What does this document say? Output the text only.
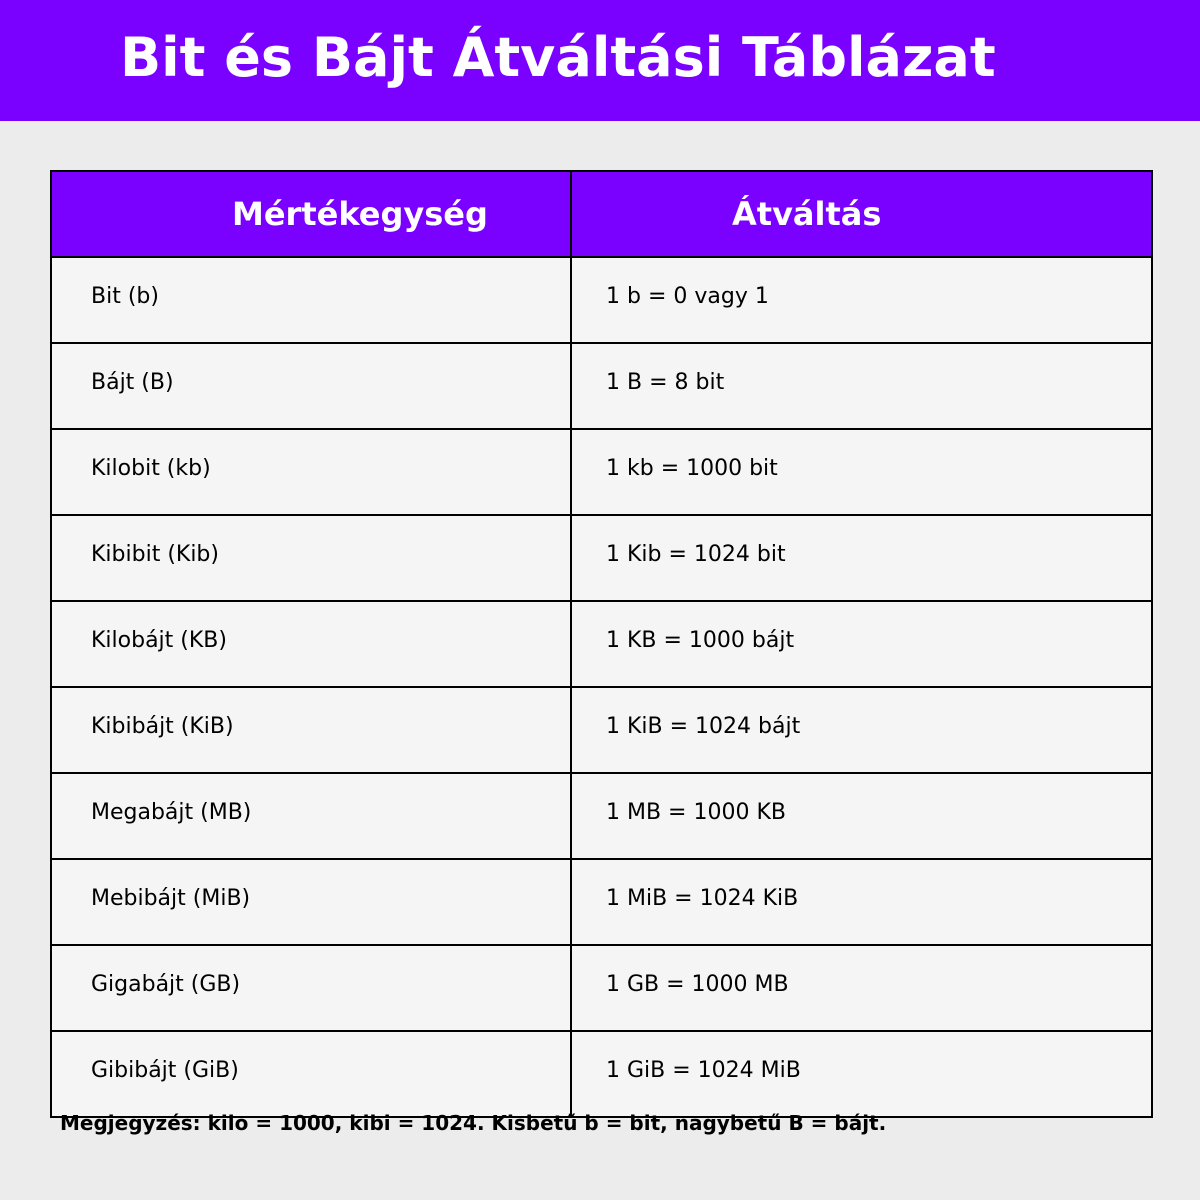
Bit és Bájt Átváltási Táblázat
Mértékegység	Átváltás
Bit (b)	1 b = 0 vagy 1
Bájt (B)	1 B = 8 bit
Kilobit (kb)	1 kb = 1000 bit
Kibibit (Kib)	1 Kib = 1024 bit
Kilobájt (KB)	1 KB = 1000 bájt
Kibibájt (KiB)	1 KiB = 1024 bájt
Megabájt (MB)	1 MB = 1000 KB
Mebibájt (MiB)	1 MiB = 1024 KiB
Gigabájt (GB)	1 GB = 1000 MB
Gibibájt (GiB)	1 GiB = 1024 MiB

Megjegyzés: kilo = 1000, kibi = 1024. Kisbetű b = bit, nagybetű B = bájt.
